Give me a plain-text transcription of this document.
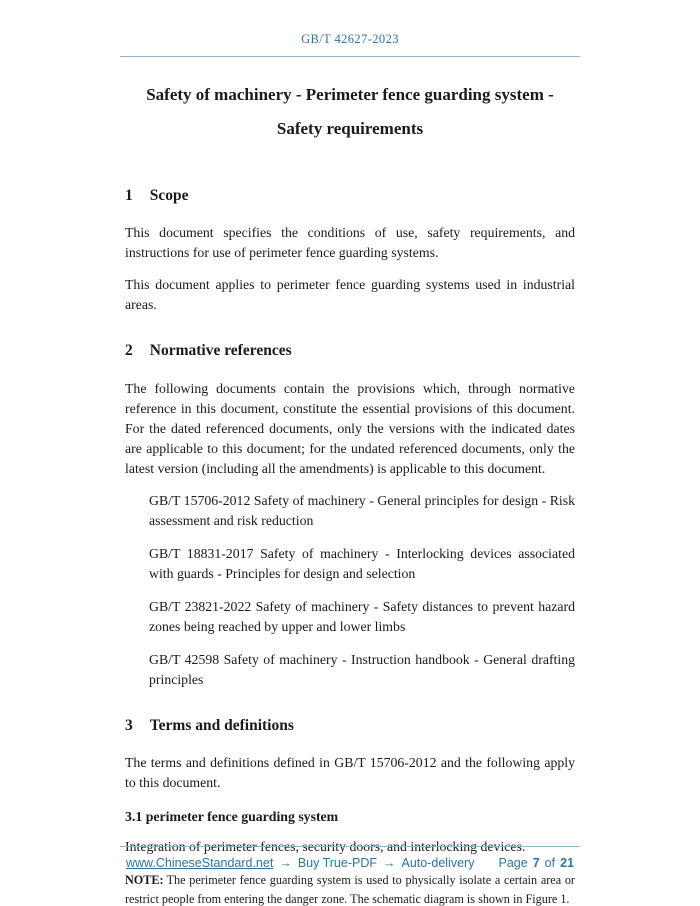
GB/T 42627-2023
Safety of machinery - Perimeter fence guarding system -
Safety requirements
1 Scope

This document specifies the conditions of use, safety requirements, and instructions for use of perimeter fence guarding systems.

This document applies to perimeter fence guarding systems used in industrial areas.

2 Normative references

The following documents contain the provisions which, through normative reference in this document, constitute the essential provisions of this document. For the dated referenced documents, only the versions with the indicated dates are applicable to this document; for the undated referenced documents, only the latest version (including all the amendments) is applicable to this document.

GB/T 15706-2012 Safety of machinery - General principles for design - Risk assessment and risk reduction

GB/T 18831-2017 Safety of machinery - Interlocking devices associated with guards - Principles for design and selection

GB/T 23821-2022 Safety of machinery - Safety distances to prevent hazard zones being reached by upper and lower limbs

GB/T 42598 Safety of machinery - Instruction handbook - General drafting principles

3 Terms and definitions

The terms and definitions defined in GB/T 15706-2012 and the following apply to this document.

3.1 perimeter fence guarding system

Integration of perimeter fences, security doors, and interlocking devices.

NOTE: The perimeter fence guarding system is used to physically isolate a certain area or restrict people from entering the danger zone. The schematic diagram is shown in Figure 1.

www.ChineseStandard.net → Buy True-PDF → Auto-delivery Page 7 of 21
